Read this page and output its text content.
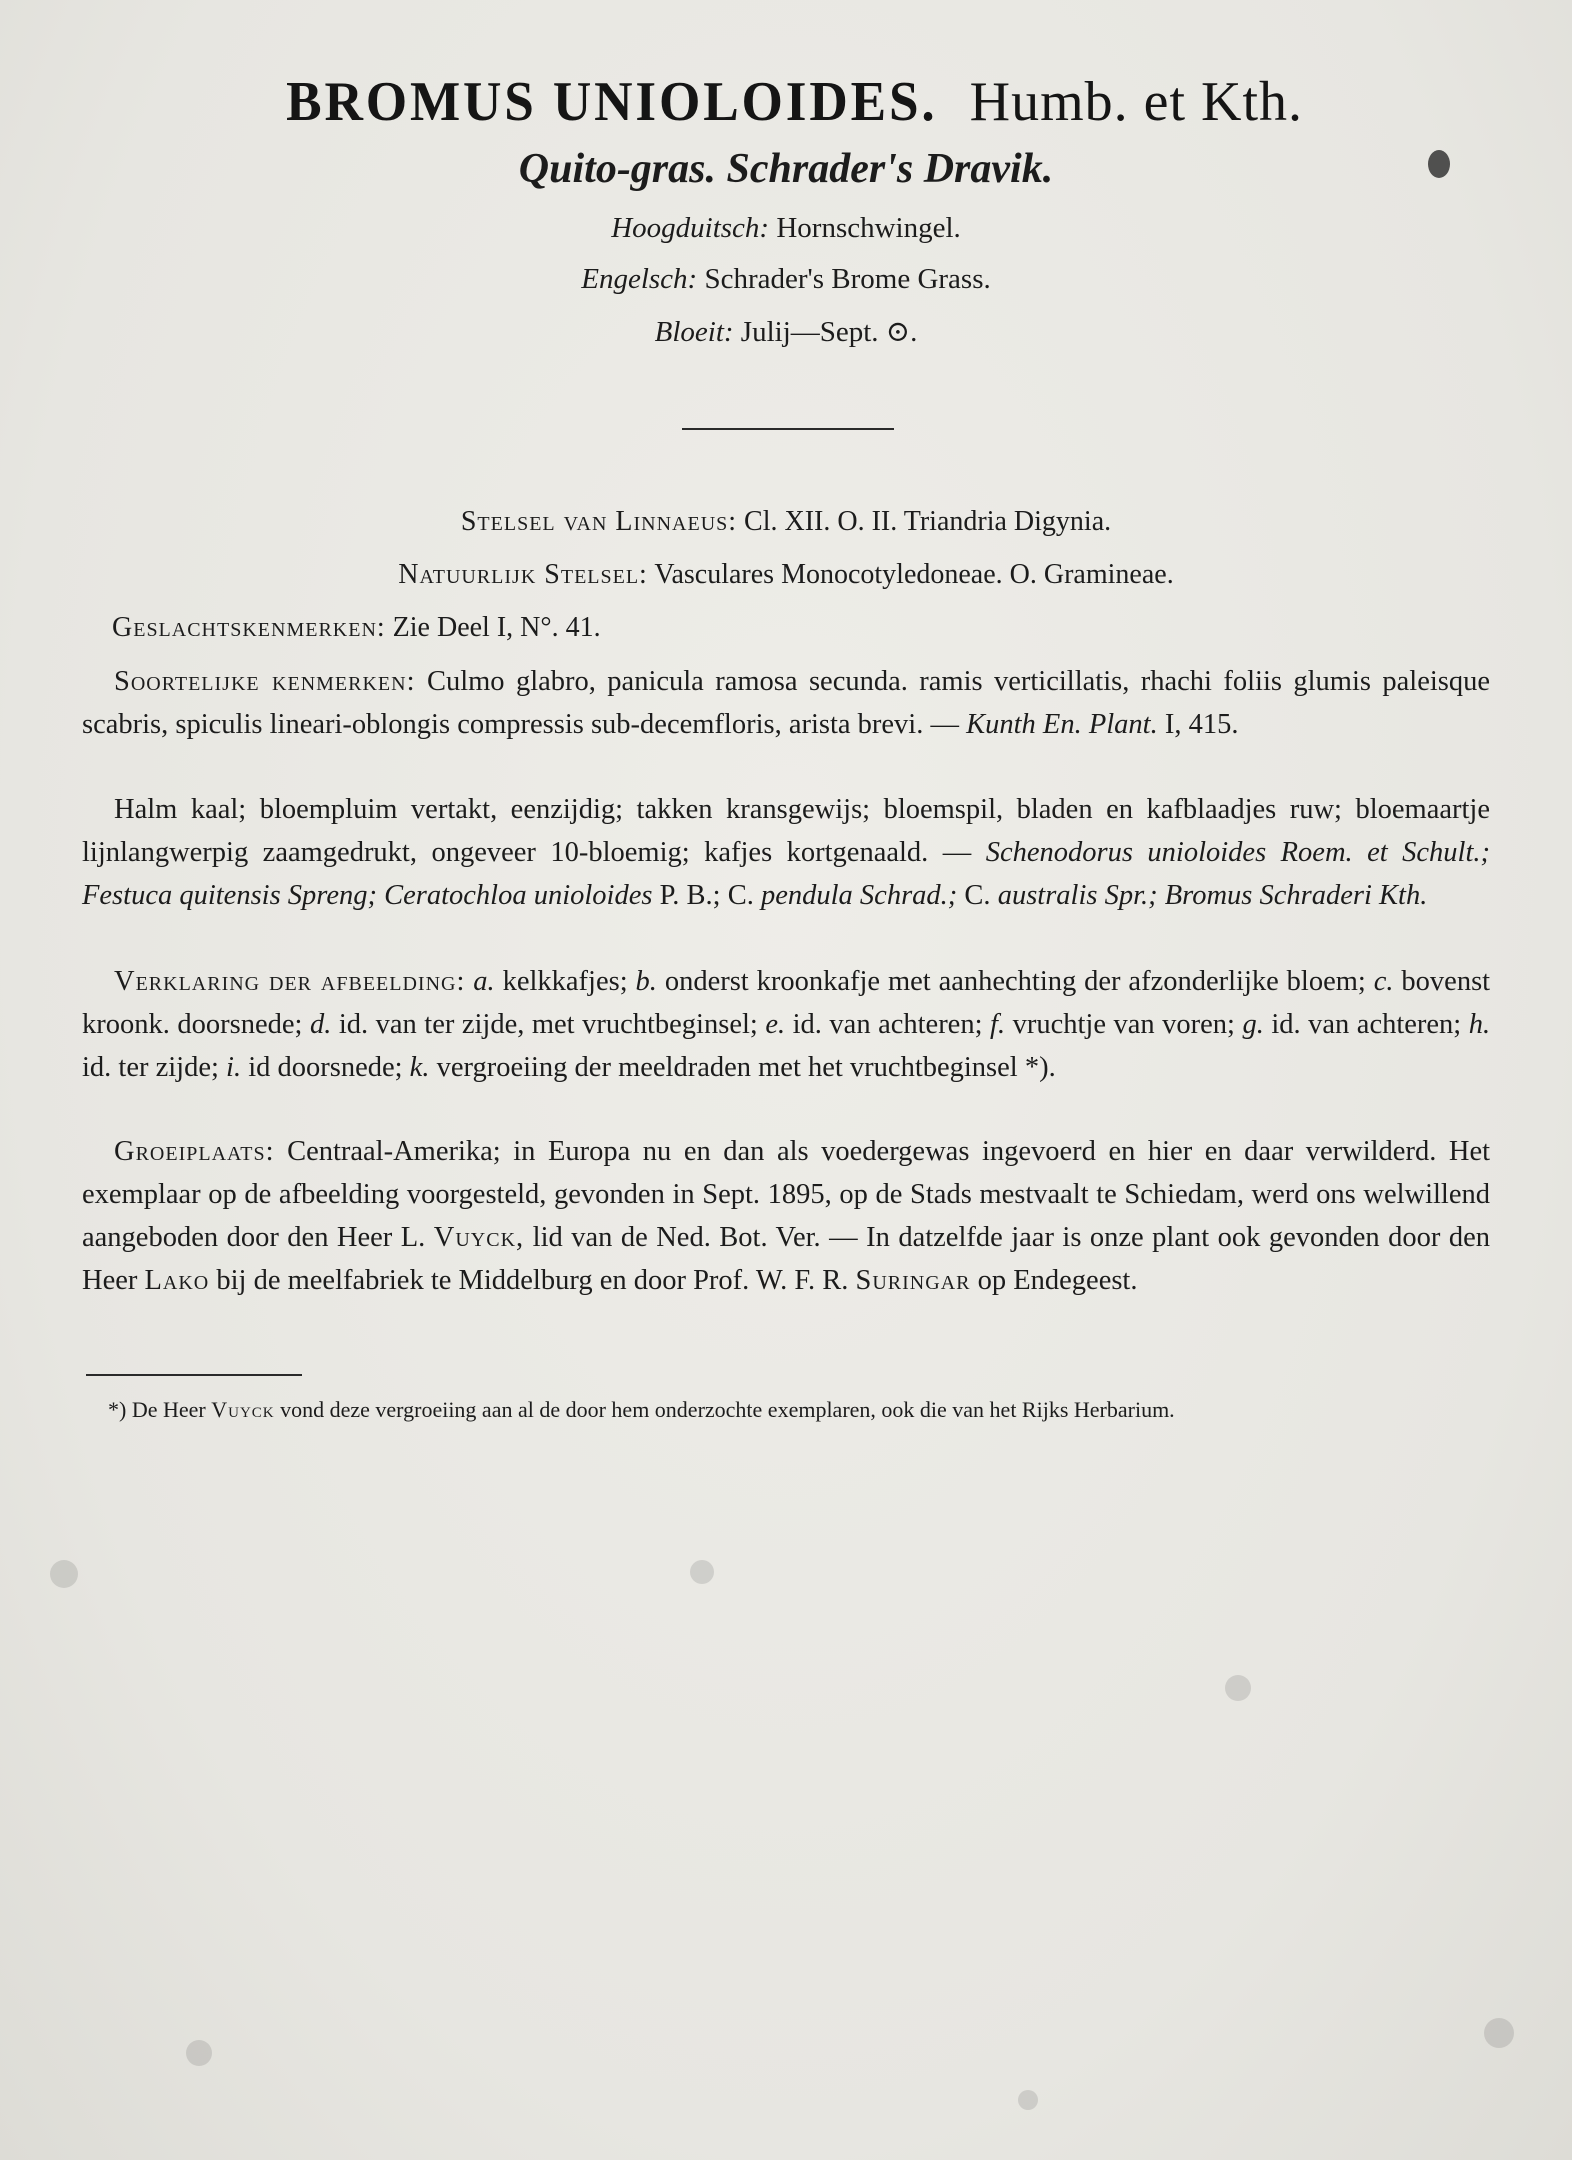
BROMUS UNIOLOIDES. Humb. et Kth.
Quito-gras. Schrader's Dravik.
Hoogduitsch: Hornschwingel.
Engelsch: Schrader's Brome Grass.
Bloeit: Julij—Sept. ⊙.
Stelsel van Linnaeus: Cl. XII. O. II. Triandria Digynia.
Natuurlijk Stelsel: Vasculares Monocotyledoneae. O. Gramineae.
Geslachtskenmerken: Zie Deel I, N°. 41.
Soortelijke kenmerken: Culmo glabro, panicula ramosa secunda. ramis verticillatis, rhachi foliis glumis paleisque scabris, spiculis lineari-oblongis compressis sub-decemfloris, arista brevi. — Kunth En. Plant. I, 415.
Halm kaal; bloempluim vertakt, eenzijdig; takken kransgewijs; bloemspil, bladen en kafblaadjes ruw; bloemaartje lijnlangwerpig zaamgedrukt, ongeveer 10-bloemig; kafjes kortgenaald. — Schenodorus unioloides Roem. et Schult.; Festuca quitensis Spreng; Ceratochloa unioloides P. B.; C. pendula Schrad.; C. australis Spr.; Bromus Schraderi Kth.
Verklaring der afbeelding: a. kelkkafjes; b. onderst kroonkafje met aanhechting der afzonderlijke bloem; c. bovenst kroonk. doorsnede; d. id. van ter zijde, met vruchtbeginsel; e. id. van achteren; f. vruchtje van voren; g. id. van achteren; h. id. ter zijde; i. id doorsnede; k. vergroeiing der meeldraden met het vruchtbeginsel *).
Groeiplaats: Centraal-Amerika; in Europa nu en dan als voedergewas ingevoerd en hier en daar verwilderd. Het exemplaar op de afbeelding voorgesteld, gevonden in Sept. 1895, op de Stads mestvaalt te Schiedam, werd ons welwillend aangeboden door den Heer L. Vuyck, lid van de Ned. Bot. Ver. — In datzelfde jaar is onze plant ook gevonden door den Heer Lako bij de meelfabriek te Middelburg en door Prof. W. F. R. Suringar op Endegeest.
*) De Heer Vuyck vond deze vergroeiing aan al de door hem onderzochte exemplaren, ook die van het Rijks Herbarium.
